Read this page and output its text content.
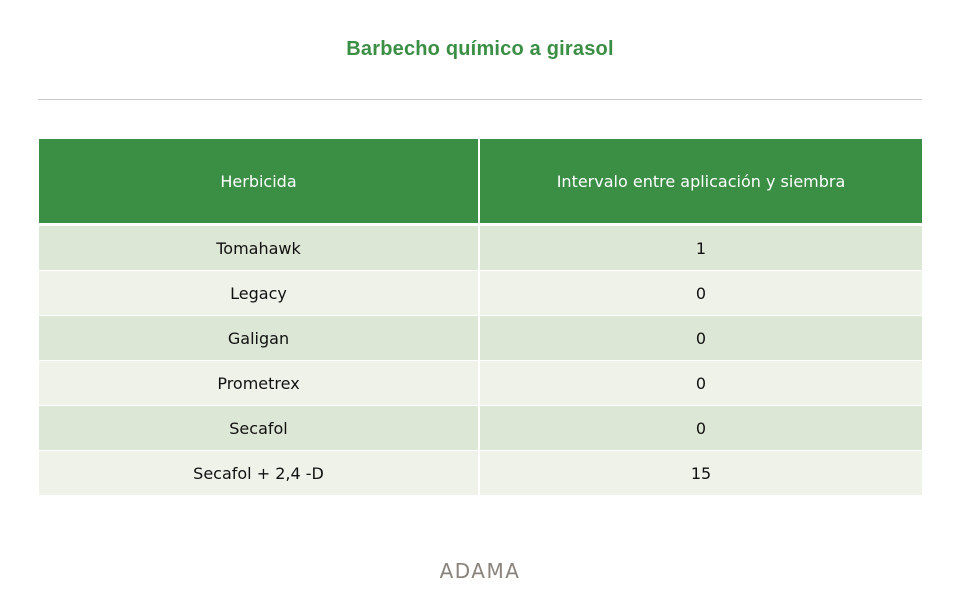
Barbecho químico a girasol
Herbicida	Intervalo entre aplicación y siembra
Tomahawk	1
Legacy	0
Galigan	0
Prometrex	0
Secafol	0
Secafol + 2,4 -D	15
ADAMA
